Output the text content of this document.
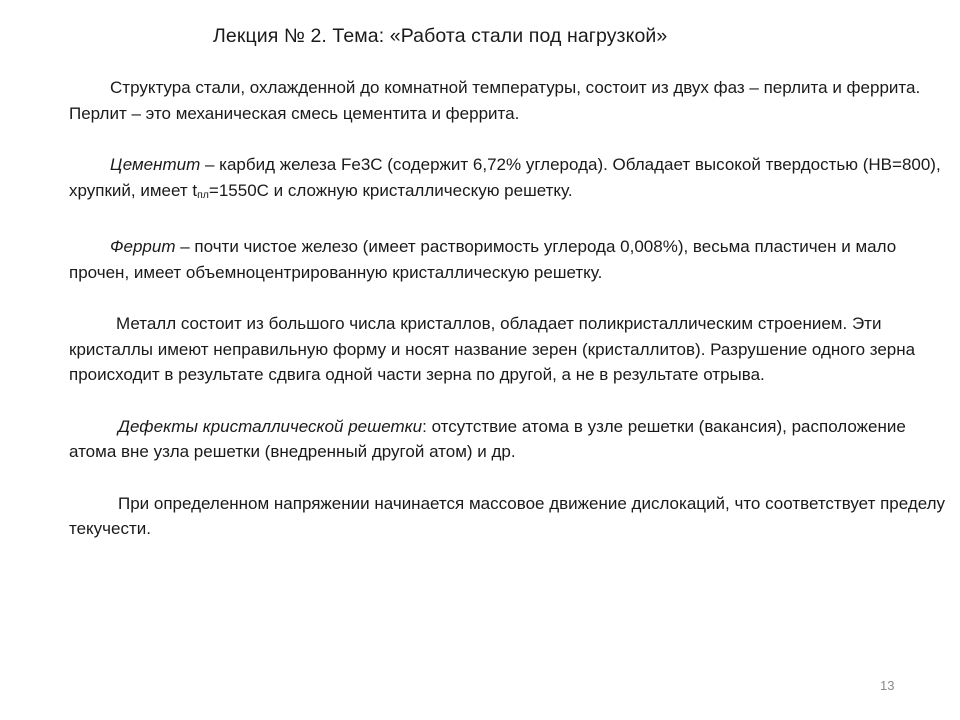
Лекция № 2. Тема: «Работа стали под нагрузкой»

Структура стали, охлажденной до комнатной температуры, состоит из двух фаз – перлита и феррита. Перлит – это механическая смесь цементита и феррита.

Цементит – карбид железа Fe3C (содержит 6,72% углерода). Обладает высокой твердостью (HB=800), хрупкий, имеет tпл=1550С и сложную кристаллическую решетку.

Феррит – почти чистое железо (имеет растворимость углерода 0,008%), весьма пластичен и мало прочен, имеет объемноцентрированную кристаллическую решетку.

Металл состоит из большого числа кристаллов, обладает поликристаллическим строением. Эти кристаллы имеют неправильную форму и носят название зерен (кристаллитов). Разрушение одного зерна происходит в результате сдвига одной части зерна по другой, а не в результате отрыва.

Дефекты кристаллической решетки: отсутствие атома в узле решетки (вакансия), расположение атома вне узла решетки (внедренный другой атом) и др.

При определенном напряжении начинается массовое движение дислокаций, что соответствует пределу текучести.

13
